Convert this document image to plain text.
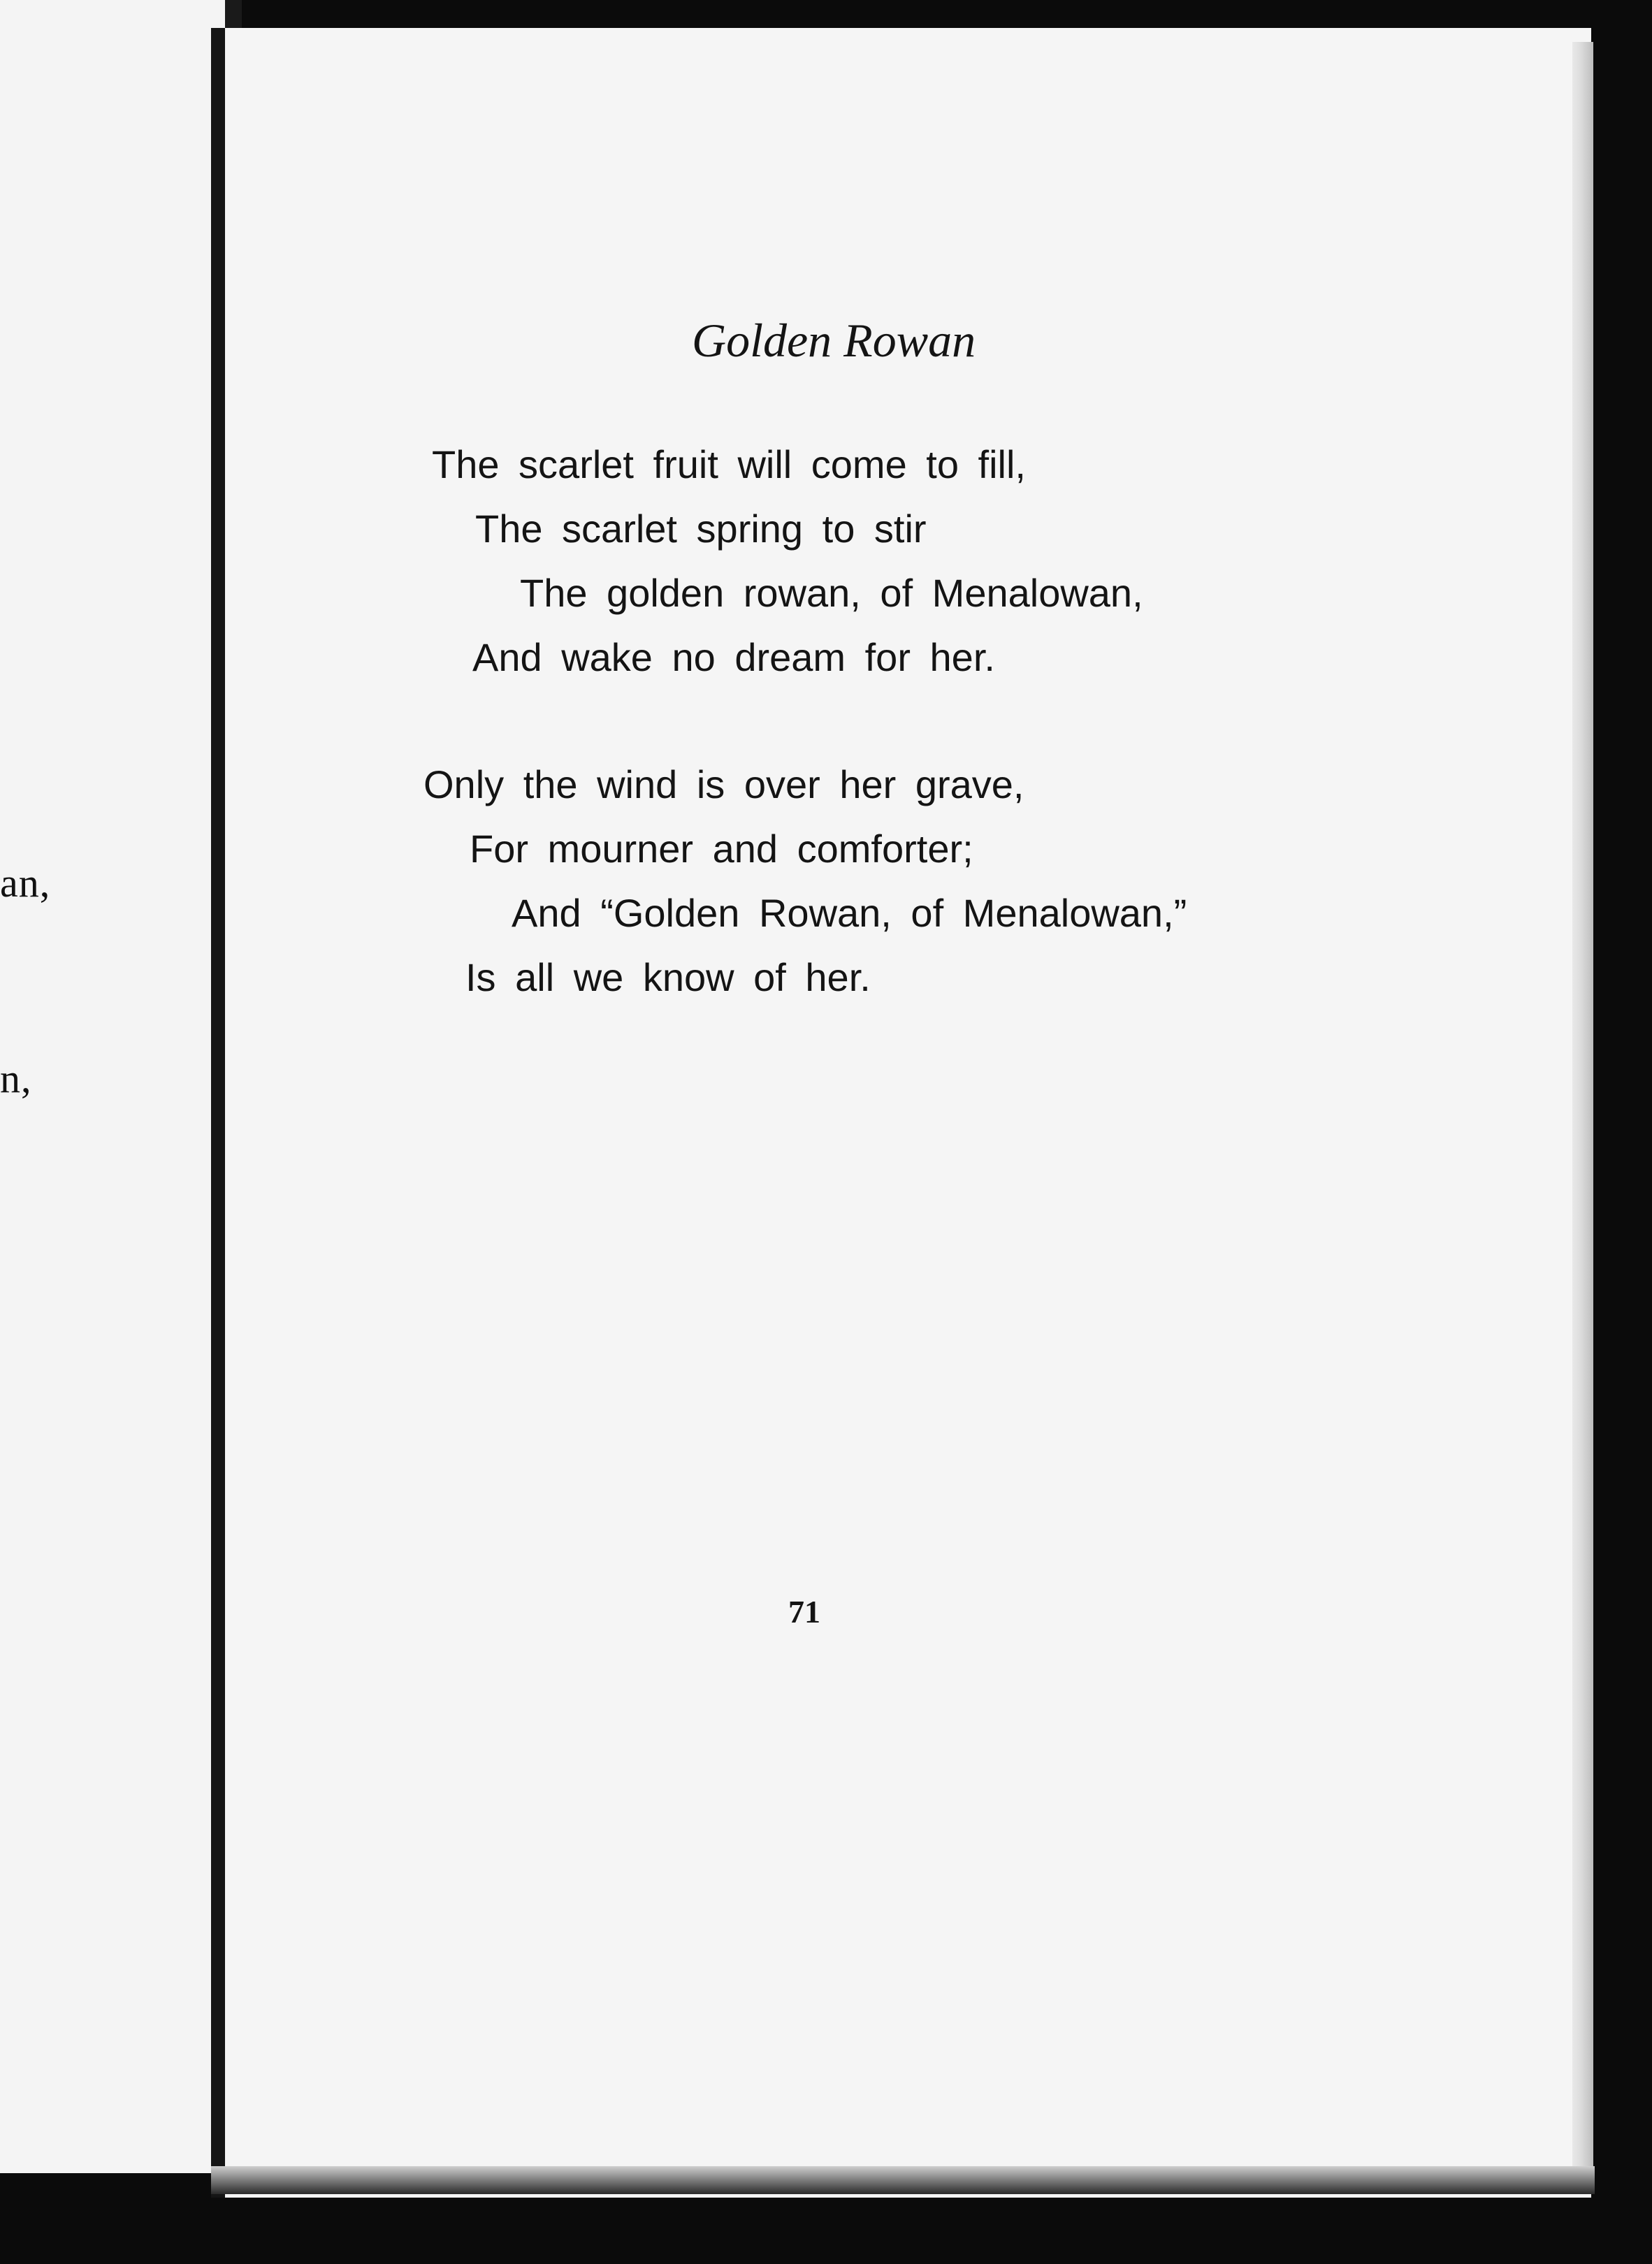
an,
n,
Golden Rowan
The scarlet fruit will come to fill,
The scarlet spring to stir
The golden rowan, of Menalowan,
And wake no dream for her.
Only the wind is over her grave,
For mourner and comforter;
And “Golden Rowan, of Menalowan,”
Is all we know of her.
71
